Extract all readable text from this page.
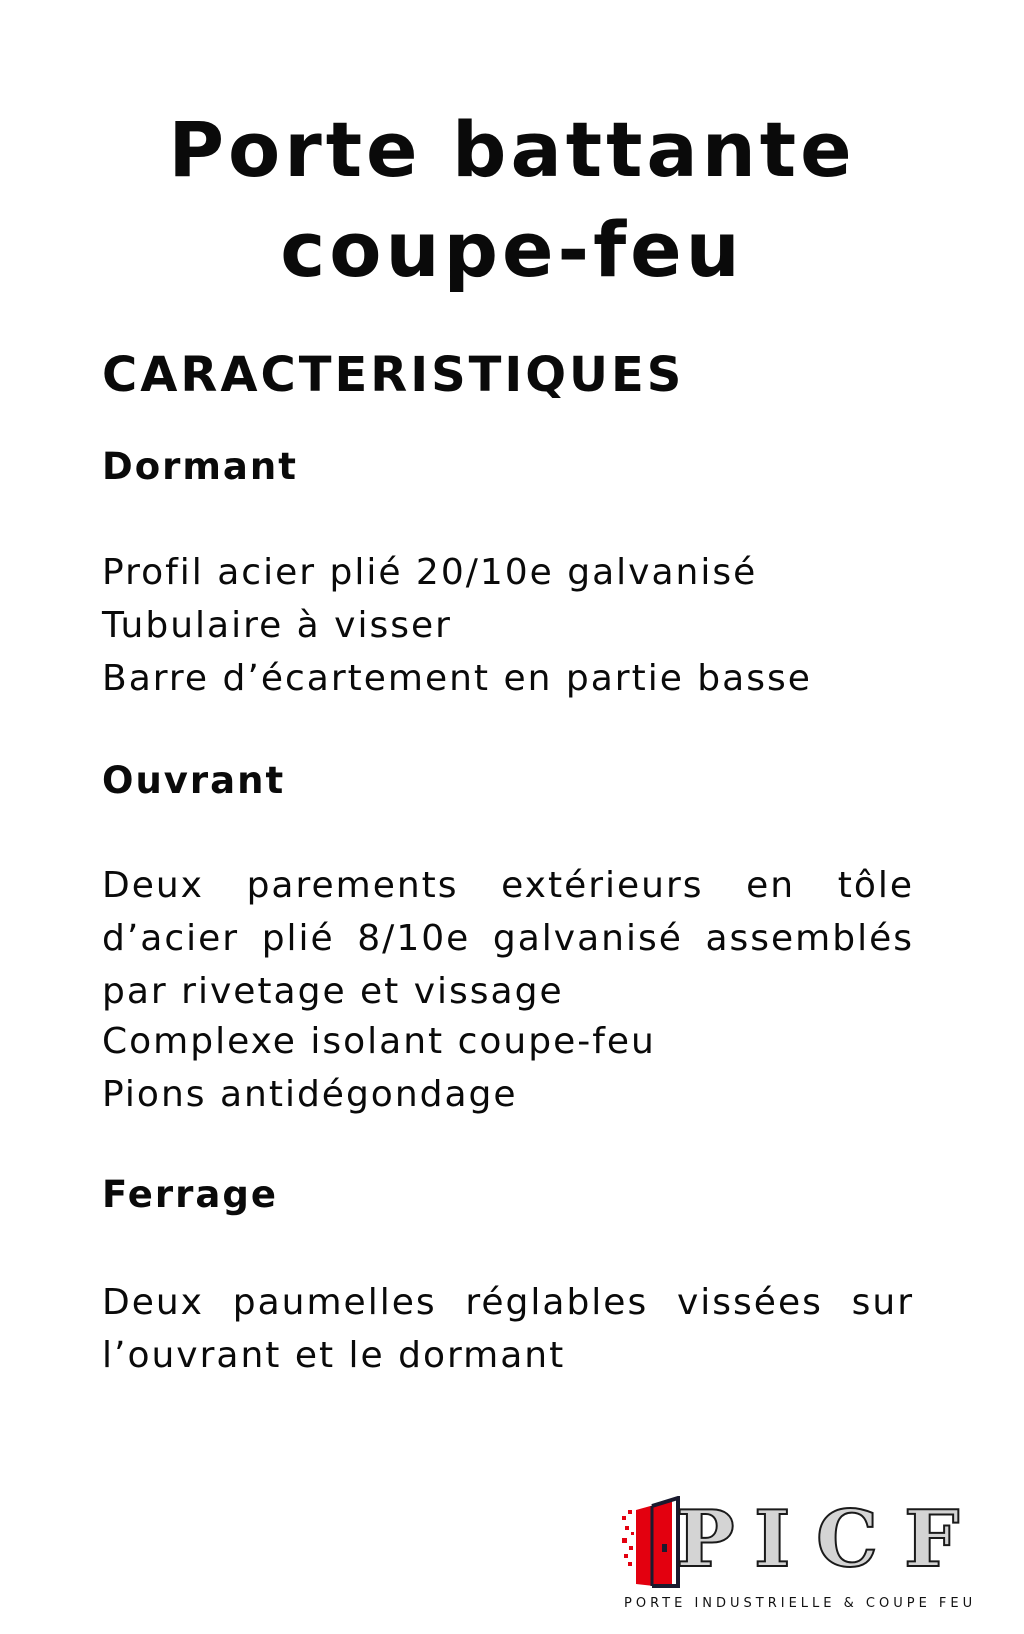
Porte battante
coupe-feu
CARACTERISTIQUES
Dormant
Profil acier plié 20/10e galvanisé
Tubulaire à visser
Barre d’écartement en partie basse
Ouvrant

Deux parements extérieurs en tôle d’acier plié 8/10e galvanisé assemblés par rivetage et vissage

Complexe isolant coupe-feu
Pions antidégondage
Ferrage

Deux paumelles réglables vissées sur l’ouvrant et le dormant

P I C F
PORTE INDUSTRIELLE & COUPE FEU
